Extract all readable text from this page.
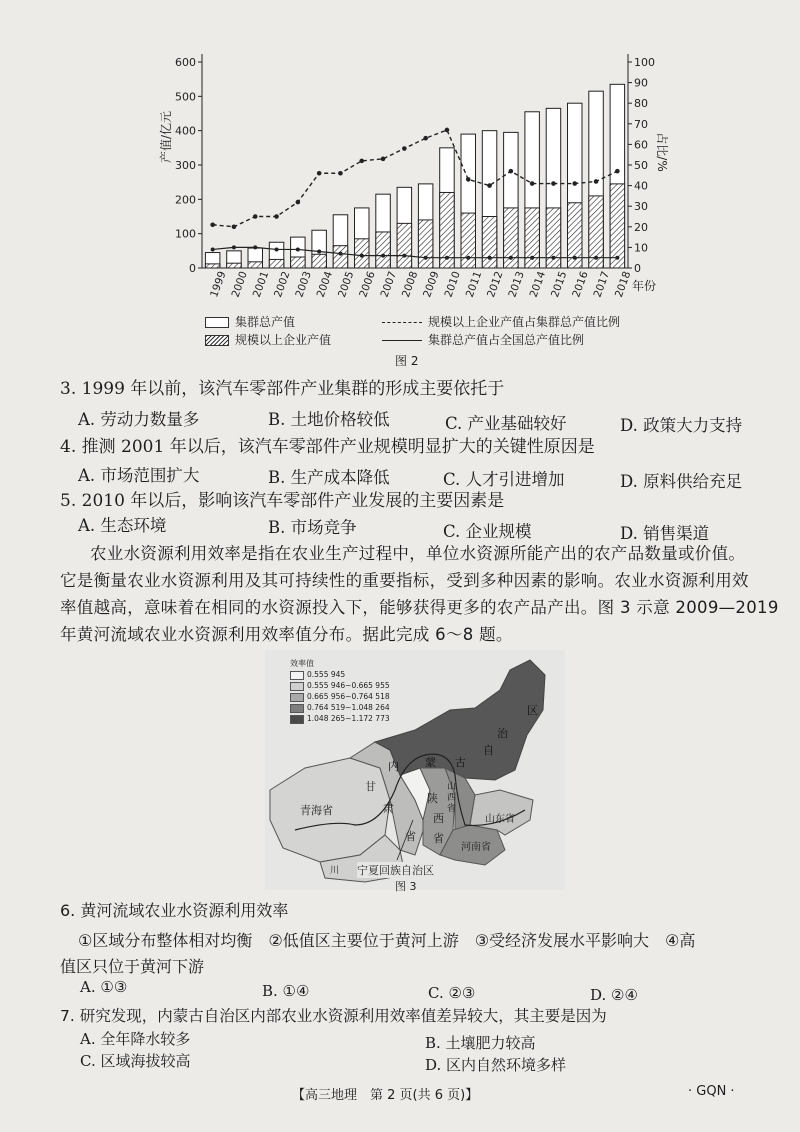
0
100
200
300
400
500
600
0
10
20
30
40
50
60
70
80
90
100
产值/亿元	占比/%
年份
1999 2000 2001 2002 2003 2004 2005 2006 2007 2008 2009 2010 2011 2012 2013 2014 2015 2016 2017 2018
集群总产值
规模以上企业产值
规模以上企业产值占集群总产值比例
集群总产值占全国总产值比例
图 2
3. 1999 年以前，该汽车零部件产业集群的形成主要依托于
A. 劳动力数量多	B. 土地价格较低	C. 产业基础较好	D. 政策大力支持
4. 推测 2001 年以后，该汽车零部件产业规模明显扩大的关键性原因是
A. 市场范围扩大	B. 生产成本降低	C. 人才引进增加	D. 原料供给充足
5. 2010 年以后，影响该汽车零部件产业发展的主要因素是
A. 生态环境	B. 市场竞争	C. 企业规模	D. 销售渠道
农业水资源利用效率是指在农业生产过程中，单位水资源所能产出的农产品数量或价值。
它是衡量农业水资源利用及其可持续性的重要指标，受到多种因素的影响。农业水资源利用效
率值越高，意味着在相同的水资源投入下，能够获得更多的农产品产出。图 3 示意 2009—2019
年黄河流域农业水资源利用效率值分布。据此完成 6～8 题。
效率值
0.555 945
0.555 946~0.665 955
0.665 956~0.764 518
0.764 519~1.048 264
1.048 265~1.172 773
青海省
甘
肃
省
内 蒙 古
自
治
区
山西省
陕
西
省
河南省
山东省
川 宁夏回族自治区
图 3
6. 黄河流域农业水资源利用效率
①区域分布整体相对均衡　②低值区主要位于黄河上游　③受经济发展水平影响大　④高
值区只位于黄河下游
A. ①③	B. ①④	C. ②③	D. ②④
7. 研究发现，内蒙古自治区内部农业水资源利用效率值差异较大，其主要是因为
A. 全年降水较多	B. 土壤肥力较高
C. 区域海拔较高	D. 区内自然环境多样
【高三地理　第 2 页(共 6 页)】	· GQN ·
